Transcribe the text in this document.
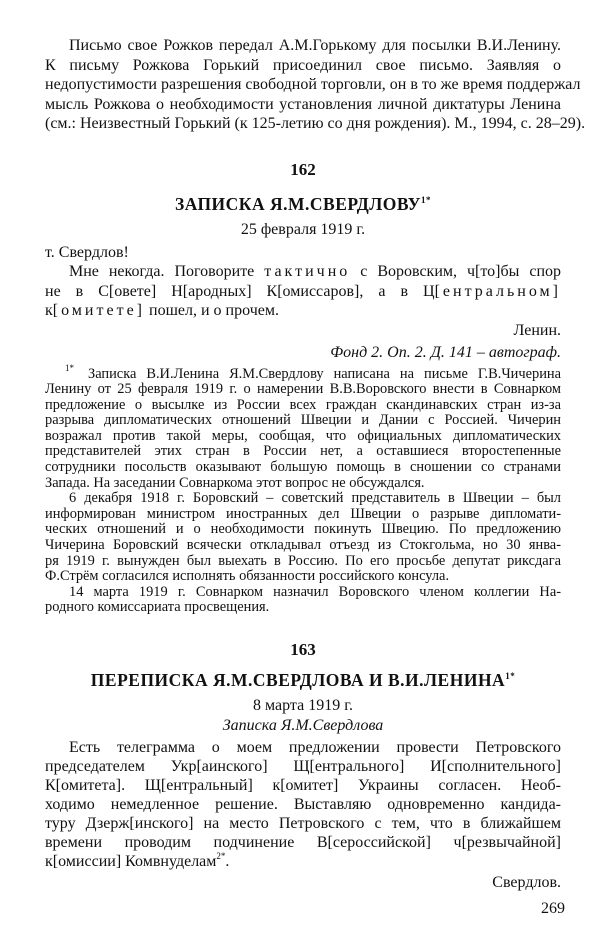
Письмо свое Рожков передал А.М.Горькому для посылки В.И.Ленину.
К письму Рожкова Горький присоединил свое письмо. Заявляя о
недопустимости разрешения свободной торговли, он в то же время поддержал
мысль Рожкова о необходимости установления личной диктатуры Ленина
(см.: Неизвестный Горький (к 125-летию со дня рождения). М., 1994, с. 28–29).
162
ЗАПИСКА $Я.М.СВЕРДЛОВУ^{1*}$
25 февраля 1919 г.
т. Свердлов!
Мне некогда. Поговорите тактично с Воровским, ч[то]бы спор
не в С[овете] Н[ародных] К[омиссаров], а в Ц[ентральном]
к[омитете] пошел, и о прочем.
Ленин.
Фонд 2. Оп. 2. Д. 141 – автограф.
$^{1*}$ Записка В.И.Ленина Я.М.Свердлову написана на письме Г.В.Чичерина
Ленину от 25 февраля 1919 г. о намерении В.В.Воровского внести в Совнарком
предложение о высылке из России всех граждан скандинавских стран из-за
разрыва дипломатических отношений Швеции и Дании с Россией. Чичерин
возражал против такой меры, сообщая, что официальных дипломатических
представителей этих стран в России нет, а оставшиеся второстепенные
сотрудники посольств оказывают большую помощь в сношении со странами
Запада. На заседании Совнаркома этот вопрос не обсуждался.
6 декабря 1918 г. Боровский – советский представитель в Швеции – был
информирован министром иностранных дел Швеции о разрыве дипломати-
ческих отношений и о необходимости покинуть Швецию. По предложению
Чичерина Боровский всячески откладывал отъезд из Стокгольма, но 30 янва-
ря 1919 г. вынужден был выехать в Россию. По его просьбе депутат риксдага
Ф.Стрём согласился исполнять обязанности российского консула.
14 марта 1919 г. Совнарком назначил Воровского членом коллегии На-
родного комиссариата просвещения.
163
ПЕРЕПИСКА Я.М.СВЕРДЛОВА И $В.И.ЛЕНИНА^{1*}$
8 марта 1919 г.
Записка Я.М.Свердлова
Есть телеграмма о моем предложении провести Петровского
председателем Укр[аинского] Щ[ентрального] И[сполнительного]
К[омитета]. Щ[ентральный] к[омитет] Украины согласен. Необ-
ходимо немедленное решение. Выставляю одновременно кандида-
туру Дзерж[инского] на место Петровского с тем, что в ближайшем
времени проводим подчинение В[сероссийской] ч[резвычайной]
к[омиссии] Комвнуделам$^{2*}$.
Свердлов.
269
